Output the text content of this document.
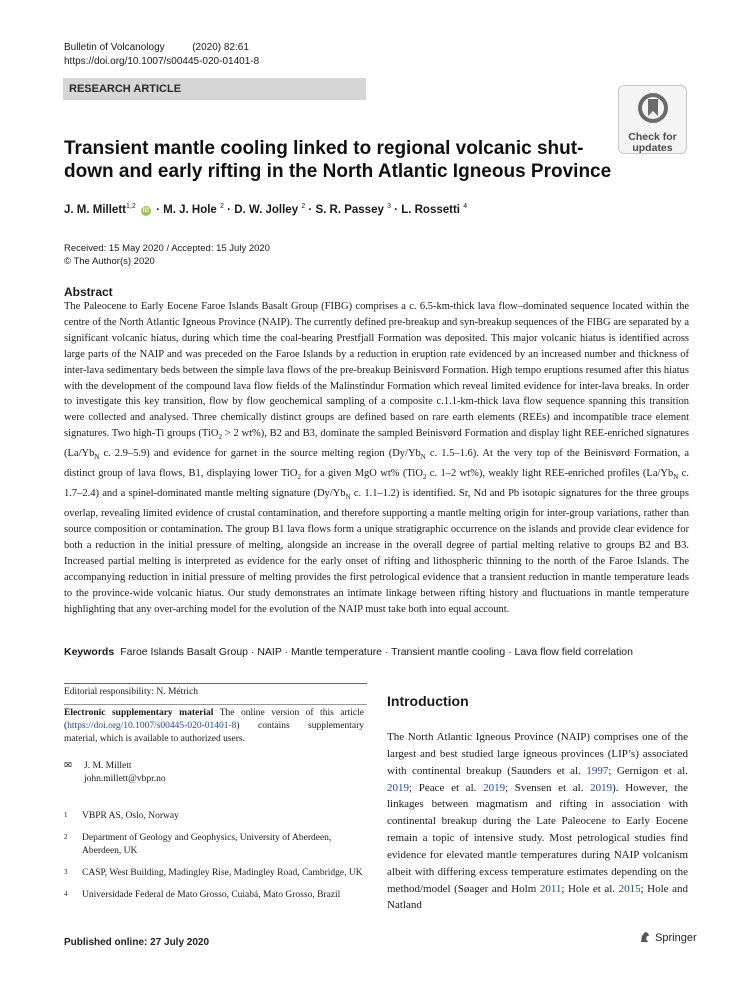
Bulletin of Volcanology	(2020) 82:61
https://doi.org/10.1007/s00445-020-01401-8
RESEARCH ARTICLE
Check for
updates
Transient mantle cooling linked to regional volcanic shut-down and early rifting in the North Atlantic Igneous Province
J. M. Millett$^{1,2}$ iD · M. J. Hole $^2$ · D. W. Jolley $^2$ · S. R. Passey $^3$ · L. Rossetti $^4$
Received: 15 May 2020 / Accepted: 15 July 2020
© The Author(s) 2020
Abstract
The Paleocene to Early Eocene Faroe Islands Basalt Group (FIBG) comprises a c. 6.5-km-thick lava flow–dominated sequence located within the centre of the North Atlantic Igneous Province (NAIP). The currently defined pre-breakup and syn-breakup sequences of the FIBG are separated by a significant volcanic hiatus, during which time the coal-bearing Prestfjall Formation was deposited. This major volcanic hiatus is identified across large parts of the NAIP and was preceded on the Faroe Islands by a reduction in eruption rate evidenced by an increased number and thickness of inter-lava sedimentary beds between the simple lava flows of the pre-breakup Beinisvørd Formation. High tempo eruptions resumed after this hiatus with the development of the compound lava flow fields of the Malinstindur Formation which reveal limited evidence for inter-lava breaks. In order to investigate this key transition, flow by flow geochemical sampling of a composite c.1.1-km-thick lava flow sequence spanning this transition were collected and analysed. Three chemically distinct groups are defined based on rare earth elements (REEs) and incompatible trace element signatures. Two high-Ti groups (TiO$_2$ > 2 wt%), B2 and B3, dominate the sampled Beinisvørd Formation and display light REE-enriched signatures ($La/Yb_N$ c. 2.9–5.9) and evidence for garnet in the source melting region ($Dy/Yb_N$ c. 1.5–1.6). At the very top of the Beinisvørd Formation, a distinct group of lava flows, B1, displaying lower TiO$_2$ for a given MgO wt% (TiO$_2$ c. 1–2 wt%), weakly light REE-enriched profiles ($La/Yb_N$ c. 1.7–2.4) and a spinel-dominated mantle melting signature ($Dy/Yb_N$ c. 1.1–1.2) is identified. Sr, Nd and Pb isotopic signatures for the three groups overlap, revealing limited evidence of crustal contamination, and therefore supporting a mantle melting origin for inter-group variations, rather than source composition or contamination. The group B1 lava flows form a unique stratigraphic occurrence on the islands and provide clear evidence for both a reduction in the initial pressure of melting, alongside an increase in the overall degree of partial melting relative to groups B2 and B3. Increased partial melting is interpreted as evidence for the early onset of rifting and lithospheric thinning to the north of the Faroe Islands. The accompanying reduction in initial pressure of melting provides the first petrological evidence that a transient reduction in mantle temperature leads to the province-wide volcanic hiatus. Our study demonstrates an intimate linkage between rifting history and fluctuations in mantle temperature highlighting that any over-arching model for the evolution of the NAIP must take both into equal account.
Keywords Faroe Islands Basalt Group · NAIP · Mantle temperature · Transient mantle cooling · Lava flow field correlation
Editorial responsibility: N. Métrich
Electronic supplementary material The online version of this article (https://doi.org/10.1007/s00445-020-01401-8) contains supplementary material, which is available to authorized users.
✉	J. M. Millett
john.millett@vbpr.no
1	VBPR AS, Oslo, Norway
2	Department of Geology and Geophysics, University of Aberdeen, Aberdeen, UK
3	CASP, West Building, Madingley Rise, Madingley Road, Cambridge, UK
4	Universidade Federal de Mato Grosso, Cuiabá, Mato Grosso, Brazil
Introduction
The North Atlantic Igneous Province (NAIP) comprises one of the largest and best studied large igneous provinces (LIP’s) associated with continental breakup (Saunders et al. 1997; Gernigon et al. 2019; Peace et al. 2019; Svensen et al. 2019). However, the linkages between magmatism and rifting in association with continental breakup during the Late Paleocene to Early Eocene remain a topic of intensive study. Most petrological studies find evidence for elevated mantle temperatures during NAIP volcanism albeit with differing excess temperature estimates depending on the method/model (Søager and Holm 2011; Hole et al. 2015; Hole and Natland
Published online: 27 July 2020	Springer
